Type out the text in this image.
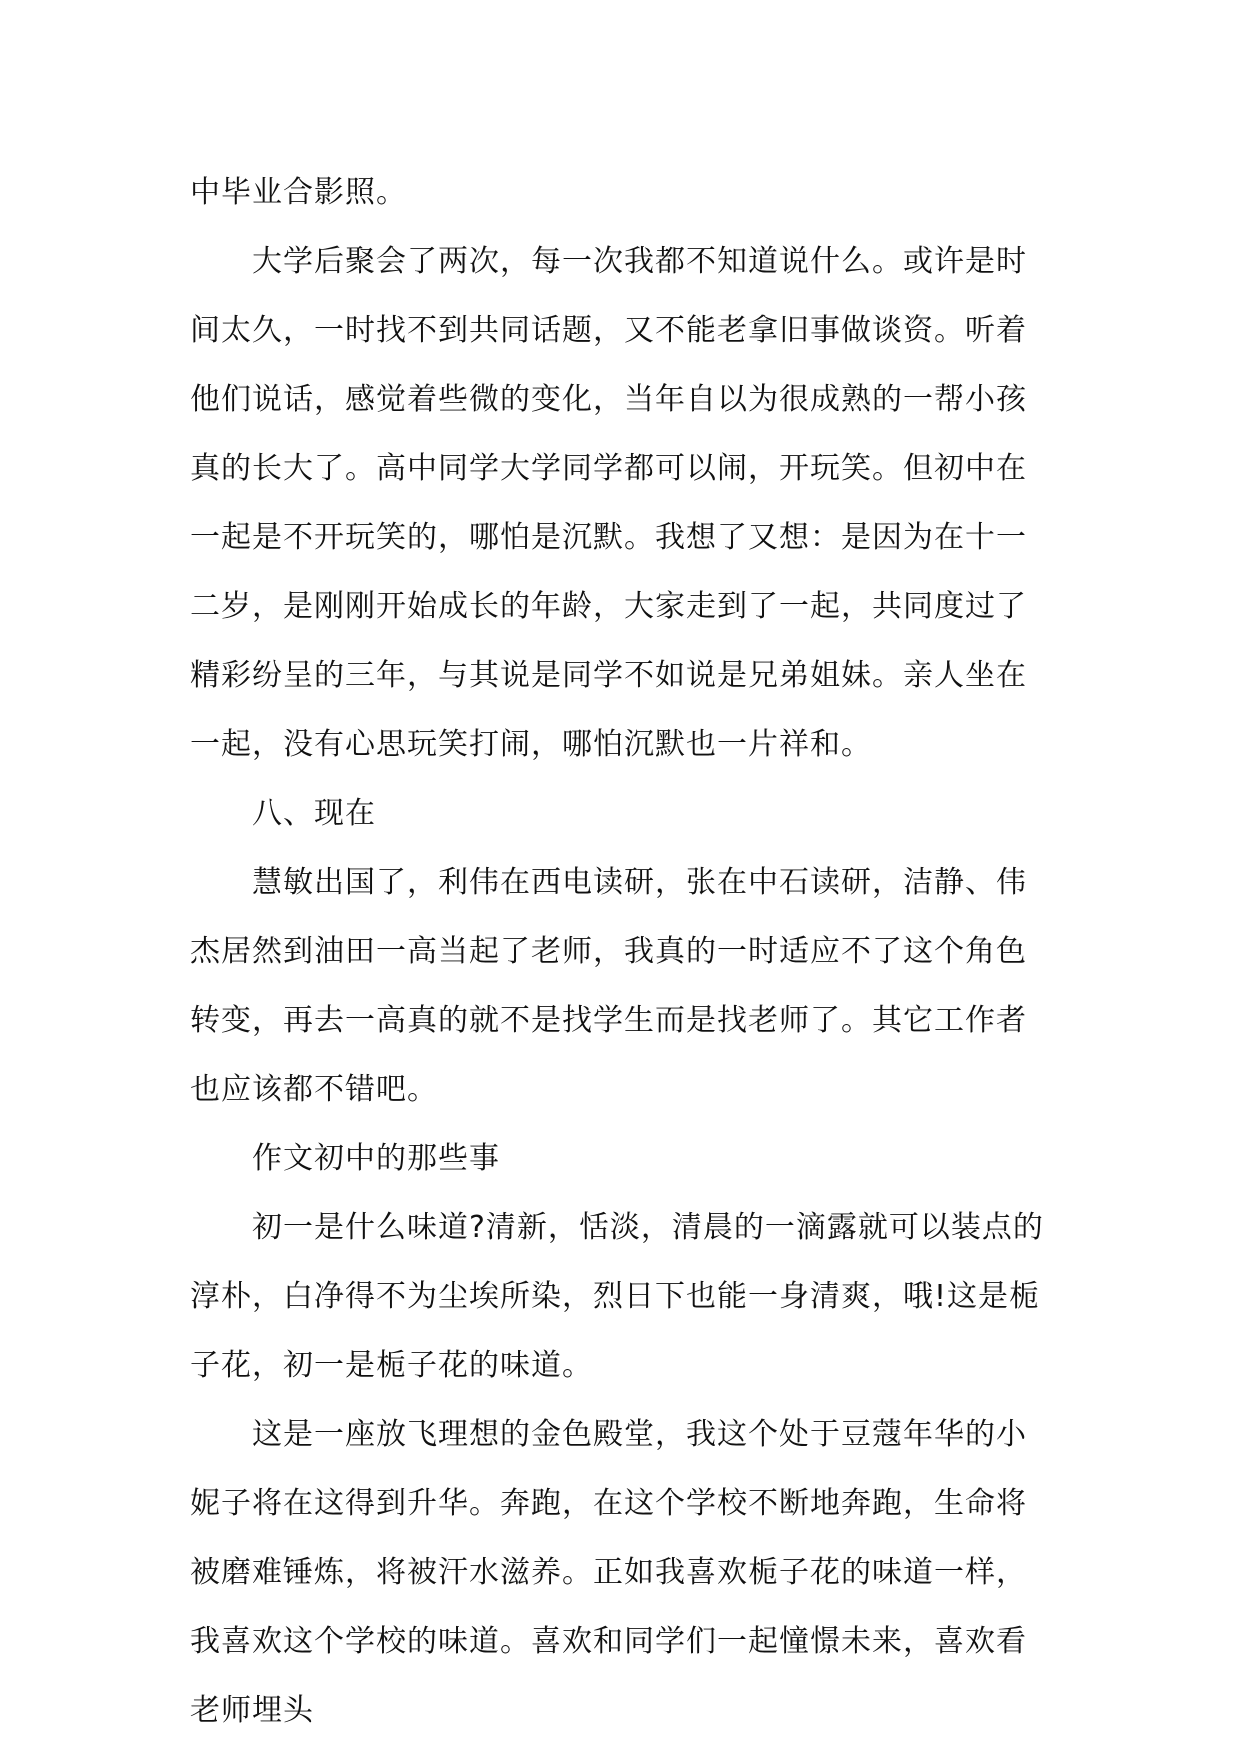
中毕业合影照。

大学后聚会了两次，每一次我都不知道说什么。或许是时间太久，一时找不到共同话题，又不能老拿旧事做谈资。听着他们说话，感觉着些微的变化，当年自以为很成熟的一帮小孩真的长大了。高中同学大学同学都可以闹，开玩笑。但初中在一起是不开玩笑的，哪怕是沉默。我想了又想：是因为在十一二岁，是刚刚开始成长的年龄，大家走到了一起，共同度过了精彩纷呈的三年，与其说是同学不如说是兄弟姐妹。亲人坐在一起，没有心思玩笑打闹，哪怕沉默也一片祥和。

八、现在

慧敏出国了，利伟在西电读研，张在中石读研，洁静、伟杰居然到油田一高当起了老师，我真的一时适应不了这个角色转变，再去一高真的就不是找学生而是找老师了。其它工作者也应该都不错吧。

作文初中的那些事

初一是什么味道?清新，恬淡，清晨的一滴露就可以装点的淳朴，白净得不为尘埃所染，烈日下也能一身清爽，哦!这是栀子花，初一是栀子花的味道。

这是一座放飞理想的金色殿堂，我这个处于豆蔻年华的小妮子将在这得到升华。奔跑，在这个学校不断地奔跑，生命将被磨难锤炼，将被汗水滋养。正如我喜欢栀子花的味道一样，我喜欢这个学校的味道。喜欢和同学们一起憧憬未来，喜欢看老师埋头
